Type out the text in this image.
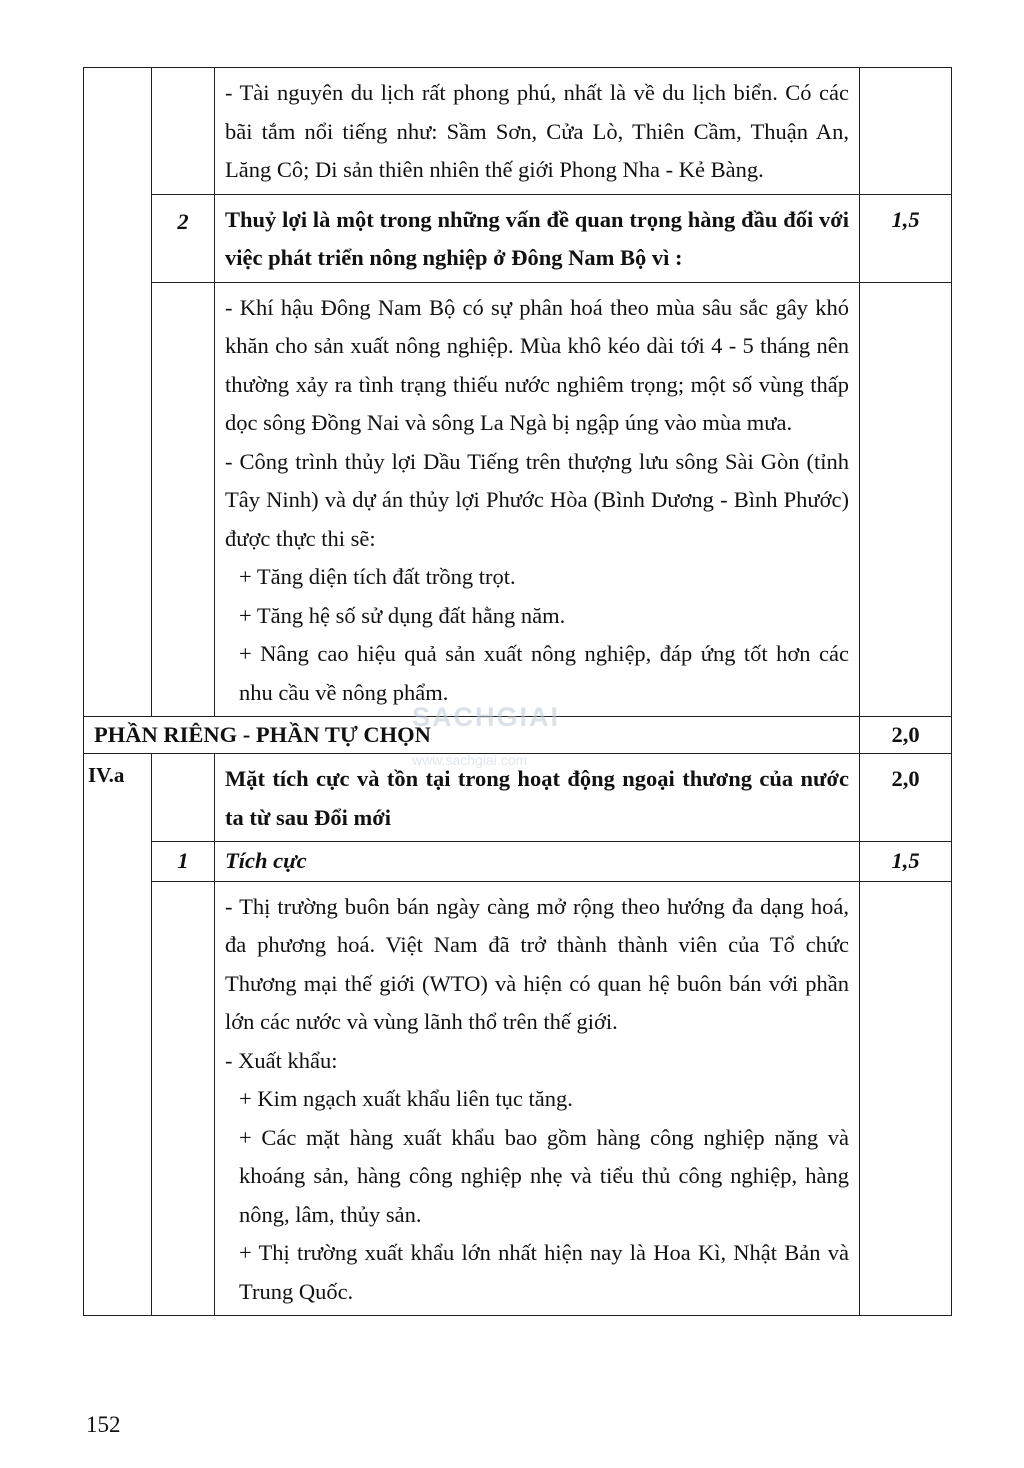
		- Tài nguyên du lịch rất phong phú, nhất là về du lịch biển. Có các bãi tắm nổi tiếng như: Sầm Sơn, Cửa Lò, Thiên Cầm, Thuận An, Lăng Cô; Di sản thiên nhiên thế giới Phong Nha - Kẻ Bàng.	

	2	Thuỷ lợi là một trong những vấn đề quan trọng hàng đầu đối với việc phát triển nông nghiệp ở Đông Nam Bộ vì :	1,5

		- Khí hậu Đông Nam Bộ có sự phân hoá theo mùa sâu sắc gây khó khăn cho sản xuất nông nghiệp. Mùa khô kéo dài tới 4 - 5 tháng nên thường xảy ra tình trạng thiếu nước nghiêm trọng; một số vùng thấp dọc sông Đồng Nai và sông La Ngà bị ngập úng vào mùa mưa.

- Công trình thủy lợi Dầu Tiếng trên thượng lưu sông Sài Gòn (tỉnh Tây Ninh) và dự án thủy lợi Phước Hòa (Bình Dương - Bình Phước) được thực thi sẽ:

+ Tăng diện tích đất trồng trọt.

+ Tăng hệ số sử dụng đất hằng năm.

+ Nâng cao hiệu quả sản xuất nông nghiệp, đáp ứng tốt hơn các nhu cầu về nông phẩm.	

PHẦN RIÊNG - PHẦN TỰ CHỌN			2,0
IV.a		Mặt tích cực và tồn tại trong hoạt động ngoại thương của nước ta từ sau Đổi mới	2,0
	1	Tích cực	1,5

		- Thị trường buôn bán ngày càng mở rộng theo hướng đa dạng hoá, đa phương hoá. Việt Nam đã trở thành thành viên của Tổ chức Thương mại thế giới (WTO) và hiện có quan hệ buôn bán với phần lớn các nước và vùng lãnh thổ trên thế giới.

- Xuất khẩu:

+ Kim ngạch xuất khẩu liên tục tăng.

+ Các mặt hàng xuất khẩu bao gồm hàng công nghiệp nặng và khoáng sản, hàng công nghiệp nhẹ và tiểu thủ công nghiệp, hàng nông, lâm, thủy sản.

+ Thị trường xuất khẩu lớn nhất hiện nay là Hoa Kì, Nhật Bản và Trung Quốc.	

SACHGIAI
www.sachgiai.com
152
